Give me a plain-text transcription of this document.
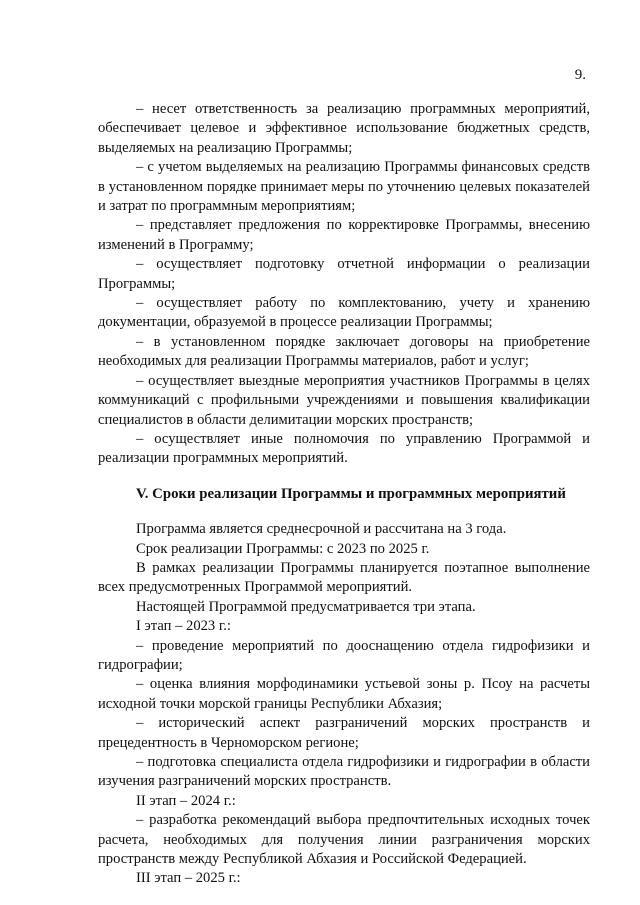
9.

– несет ответственность за реализацию программных мероприятий, обеспечивает целевое и эффективное использование бюджетных средств, выделяемых на реализацию Программы;

– с учетом выделяемых на реализацию Программы финансовых средств в установленном порядке принимает меры по уточнению целевых показателей и затрат по программным мероприятиям;

– представляет предложения по корректировке Программы, внесению изменений в Программу;

– осуществляет подготовку отчетной информации о реализации Программы;

– осуществляет работу по комплектованию, учету и хранению документации, образуемой в процессе реализации Программы;

– в установленном порядке заключает договоры на приобретение необходимых для реализации Программы материалов, работ и услуг;

– осуществляет выездные мероприятия участников Программы в целях коммуникаций с профильными учреждениями и повышения квалификации специалистов в области делимитации морских пространств;

– осуществляет иные полномочия по управлению Программой и реализации программных мероприятий.

V. Сроки реализации Программы и программных мероприятий

Программа является среднесрочной и рассчитана на 3 года.

Срок реализации Программы: с 2023 по 2025 г.

В рамках реализации Программы планируется поэтапное выполнение всех предусмотренных Программой мероприятий.

Настоящей Программой предусматривается три этапа.

I этап – 2023 г.:

– проведение мероприятий по дооснащению отдела гидрофизики и гидрографии;

– оценка влияния морфодинамики устьевой зоны р. Псоу на расчеты исходной точки морской границы Республики Абхазия;

– исторический аспект разграничений морских пространств и прецедентность в Черноморском регионе;

– подготовка специалиста отдела гидрофизики и гидрографии в области изучения разграничений морских пространств.

II этап – 2024 г.:

– разработка рекомендаций выбора предпочтительных исходных точек расчета, необходимых для получения линии разграничения морских пространств между Республикой Абхазия и Российской Федерацией.

III этап – 2025 г.:
